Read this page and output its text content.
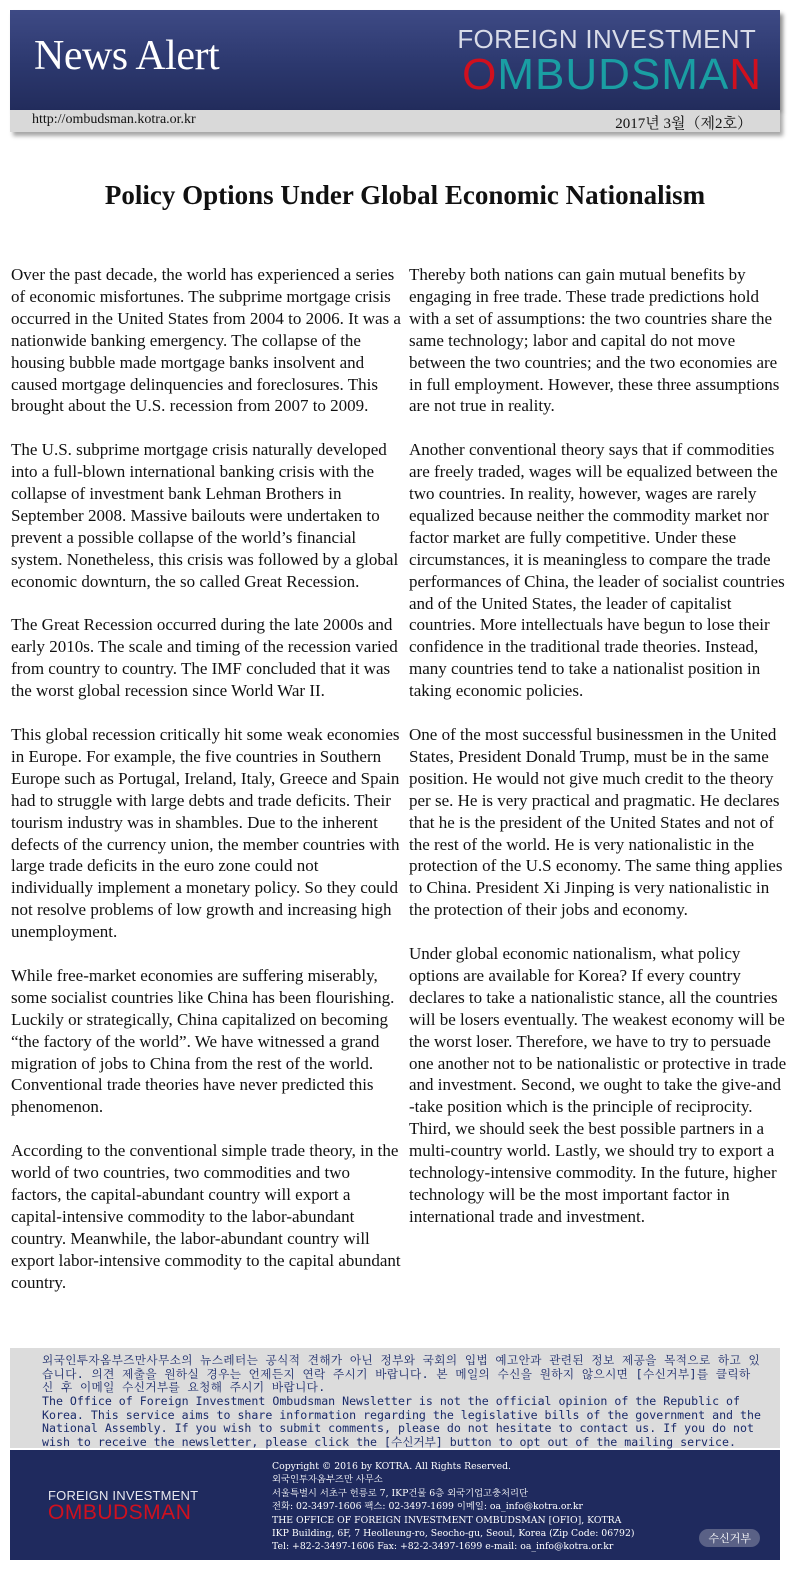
News Alert	FOREIGN INVESTMENT
OMBUDSMAN
http://ombudsman.kotra.or.kr	2017년 3월（제2호）
Policy Options Under Global Economic Nationalism

Over the past decade, the world has experienced a series of economic misfortunes. The subprime mortgage crisis occurred in the United States from 2004 to 2006. It was a nationwide banking emergency. The collapse of the housing bubble made mortgage banks insolvent and caused mortgage delinquencies and foreclosures. This brought about the U.S. recession from 2007 to 2009.

The U.S. subprime mortgage crisis naturally developed into a full-blown international banking crisis with the collapse of investment bank Lehman Brothers in September 2008. Massive bailouts were undertaken to prevent a possible collapse of the world’s financial system. Nonetheless, this crisis was followed by a global economic downturn, the so called Great Recession.

The Great Recession occurred during the late 2000s and early 2010s. The scale and timing of the recession varied from country to country. The IMF concluded that it was the worst global recession since World War II.

This global recession critically hit some weak economies in Europe. For example, the five countries in Southern Europe such as Portugal, Ireland, Italy, Greece and Spain had to struggle with large debts and trade deficits. Their tourism industry was in shambles. Due to the inherent defects of the currency union, the member countries with large trade deficits in the euro zone could not individually implement a monetary policy. So they could not resolve problems of low growth and increasing high unemployment.

While free-market economies are suffering miserably, some socialist countries like China has been flourishing. Luckily or strategically, China capitalized on becoming “the factory of the world”. We have witnessed a grand migration of jobs to China from the rest of the world. Conventional trade theories have never predicted this phenomenon.

According to the conventional simple trade theory, in the world of two countries, two commodities and two factors, the capital-abundant country will export a capital-intensive commodity to the labor-abundant country. Meanwhile, the labor-abundant country will export labor-intensive commodity to the capital abundant country.

Thereby both nations can gain mutual benefits by engaging in free trade. These trade predictions hold with a set of assumptions: the two countries share the same technology; labor and capital do not move between the two countries; and the two economies are in full employment. However, these three assumptions are not true in reality.

Another conventional theory says that if commodities are freely traded, wages will be equalized between the two countries. In reality, however, wages are rarely equalized because neither the commodity market nor factor market are fully competitive. Under these circumstances, it is meaningless to compare the trade performances of China, the leader of socialist countries and of the United States, the leader of capitalist countries. More intellectuals have begun to lose their confidence in the traditional trade theories. Instead, many countries tend to take a nationalist position in taking economic policies.

One of the most successful businessmen in the United States, President Donald Trump, must be in the same position. He would not give much credit to the theory per se. He is very practical and pragmatic. He declares that he is the president of the United States and not of the rest of the world. He is very nationalistic in the protection of the U.S economy. The same thing applies to China. President Xi Jinping is very nationalistic in the protection of their jobs and economy.

Under global economic nationalism, what policy options are available for Korea? If every country declares to take a nationalistic stance, all the countries will be losers eventually. The weakest economy will be the worst loser. Therefore, we have to try to persuade one another not to be nationalistic or protective in trade and investment. Second, we ought to take the give-and -take position which is the principle of reciprocity. Third, we should seek the best possible partners in a multi-country world. Lastly, we should try to export a technology-intensive commodity. In the future, higher technology will be the most important factor in international trade and investment.

외국인투자옴부즈만사무소의 뉴스레터는 공식적 견해가 아닌 정부와 국회의 입법 예고안과 관련된 정보 제공을 목적으로 하고 있습니다. 의견 제출을 원하실 경우는 언제든지 연락 주시기 바랍니다. 본 메일의 수신을 원하지 않으시면 [수신거부]를 클릭하신 후 이메일 수신거부를 요청해 주시기 바랍니다.
The Office of Foreign Investment Ombudsman Newsletter is not the official opinion of the Republic of Korea. This service aims to share information regarding the legislative bills of the government and the National Assembly. If you wish to submit comments, please do not hesitate to contact us. If you do not wish to receive the newsletter, please click the [수신거부] button to opt out of the mailing service.
FOREIGN INVESTMENT
OMBUDSMAN
Copyright © 2016 by KOTRA. All Rights Reserved.
외국인투자옴부즈만 사무소
서울특별시 서초구 헌릉로 7, IKP건물 6층 외국기업고충처리단
전화: 02-3497-1606 팩스: 02-3497-1699 이메일: oa_info@kotra.or.kr
THE OFFICE OF FOREIGN INVESTMENT OMBUDSMAN [OFIO], KOTRA
IKP Building, 6F, 7 Heolleung-ro, Seocho-gu, Seoul, Korea (Zip Code: 06792)
Tel: +82-2-3497-1606 Fax: +82-2-3497-1699 e-mail: oa_info@kotra.or.kr
수신거부
